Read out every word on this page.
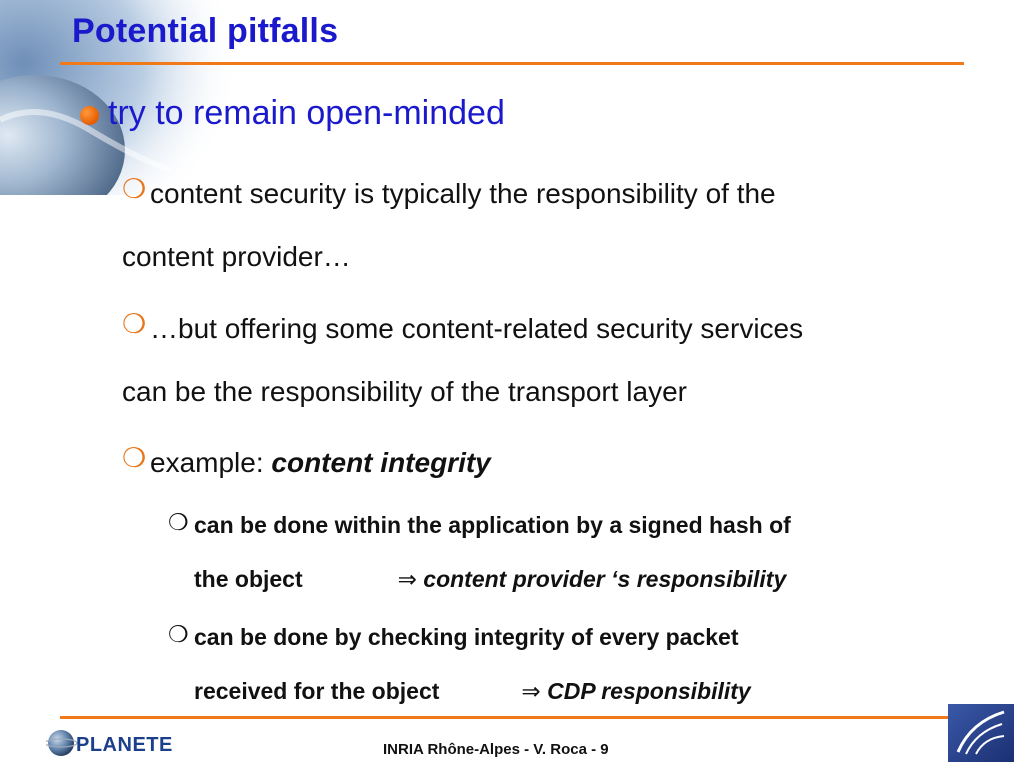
Potential pitfalls
try to remain open-minded
❍ content security is typically the responsibility of the
content provider…
❍ …but offering some content-related security services
can be the responsibility of the transport layer
❍ example: content integrity
❍ can be done within the application by a signed hash of
the object	⇒ content provider ‘s responsibility
❍ can be done by checking integrity of every packet
received for the object	⇒ CDP responsibility
PLANETE	INRIA Rhône-Alpes - V. Roca - 9
